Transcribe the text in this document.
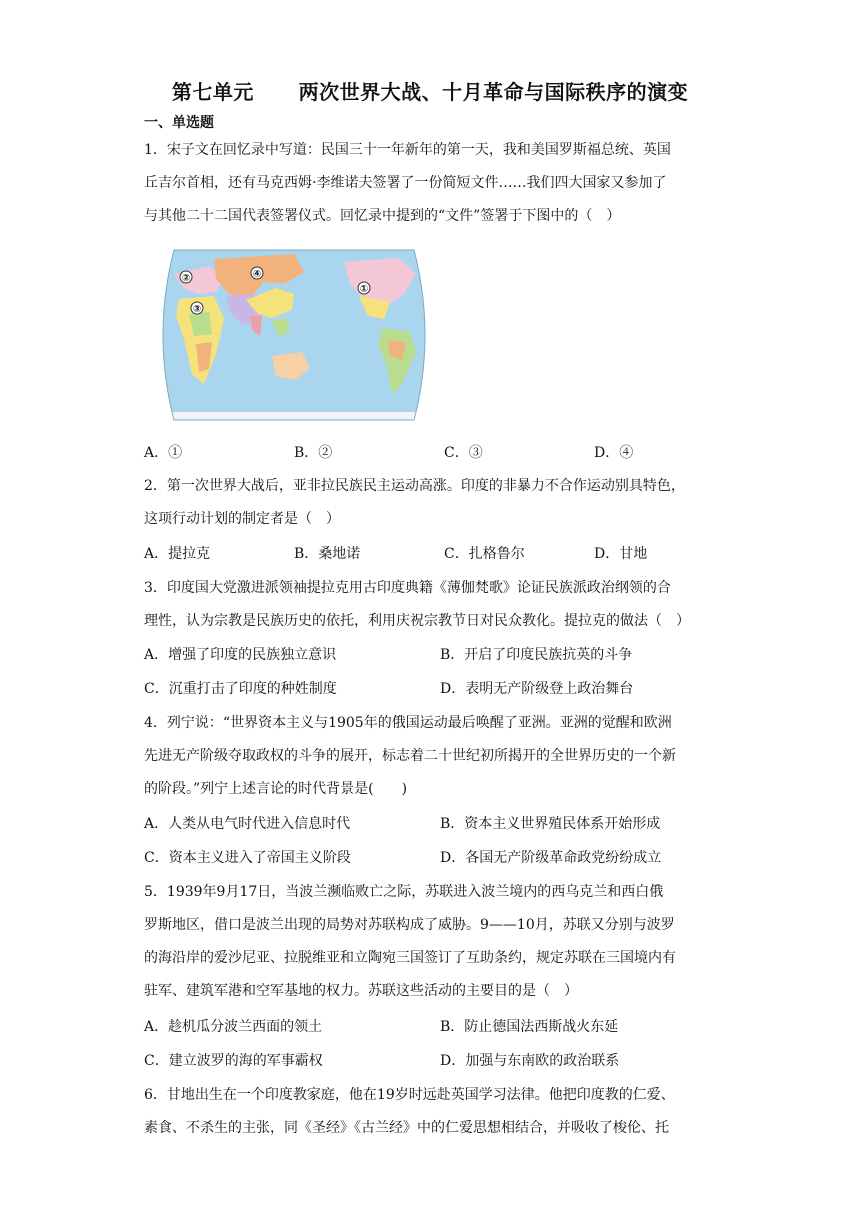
第七单元      两次世界大战、十月革命与国际秩序的演变
一、单选题
1．宋子文在回忆录中写道：民国三十一年新年的第一天，我和美国罗斯福总统、英国
丘吉尔首相，还有马克西姆·李维诺夫签署了一份简短文件……我们四大国家又参加了
与其他二十二国代表签署仪式。回忆录中提到的“文件”签署于下图中的（　）
②	④
③
①
A．①	B．②	C．③	D．④
2．第一次世界大战后，亚非拉民族民主运动高涨。印度的非暴力不合作运动别具特色，
这项行动计划的制定者是（　）
A．提拉克	B．桑地诺	C．扎格鲁尔	D．甘地
3．印度国大党激进派领袖提拉克用古印度典籍《薄伽梵歌》论证民族派政治纲领的合
理性，认为宗教是民族历史的依托，利用庆祝宗教节日对民众教化。提拉克的做法（　）
A．增强了印度的民族独立意识	B．开启了印度民族抗英的斗争
C．沉重打击了印度的种姓制度	D．表明无产阶级登上政治舞台
4．列宁说：“世界资本主义与1905年的俄国运动最后唤醒了亚洲。亚洲的觉醒和欧洲
先进无产阶级夺取政权的斗争的展开，标志着二十世纪初所揭开的全世界历史的一个新
的阶段。”列宁上述言论的时代背景是(　　)
A．人类从电气时代进入信息时代	B．资本主义世界殖民体系开始形成
C．资本主义进入了帝国主义阶段	D．各国无产阶级革命政党纷纷成立
5．1939年9月17日，当波兰濒临败亡之际，苏联进入波兰境内的西乌克兰和西白俄
罗斯地区，借口是波兰出现的局势对苏联构成了威胁。9——10月，苏联又分别与波罗
的海沿岸的爱沙尼亚、拉脱维亚和立陶宛三国签订了互助条约，规定苏联在三国境内有
驻军、建筑军港和空军基地的权力。苏联这些活动的主要目的是（　）
A．趁机瓜分波兰西面的领土	B．防止德国法西斯战火东延
C．建立波罗的海的军事霸权	D．加强与东南欧的政治联系
6．甘地出生在一个印度教家庭，他在19岁时远赴英国学习法律。他把印度教的仁爱、
素食、不杀生的主张，同《圣经》《古兰经》中的仁爱思想相结合，并吸收了梭伦、托
